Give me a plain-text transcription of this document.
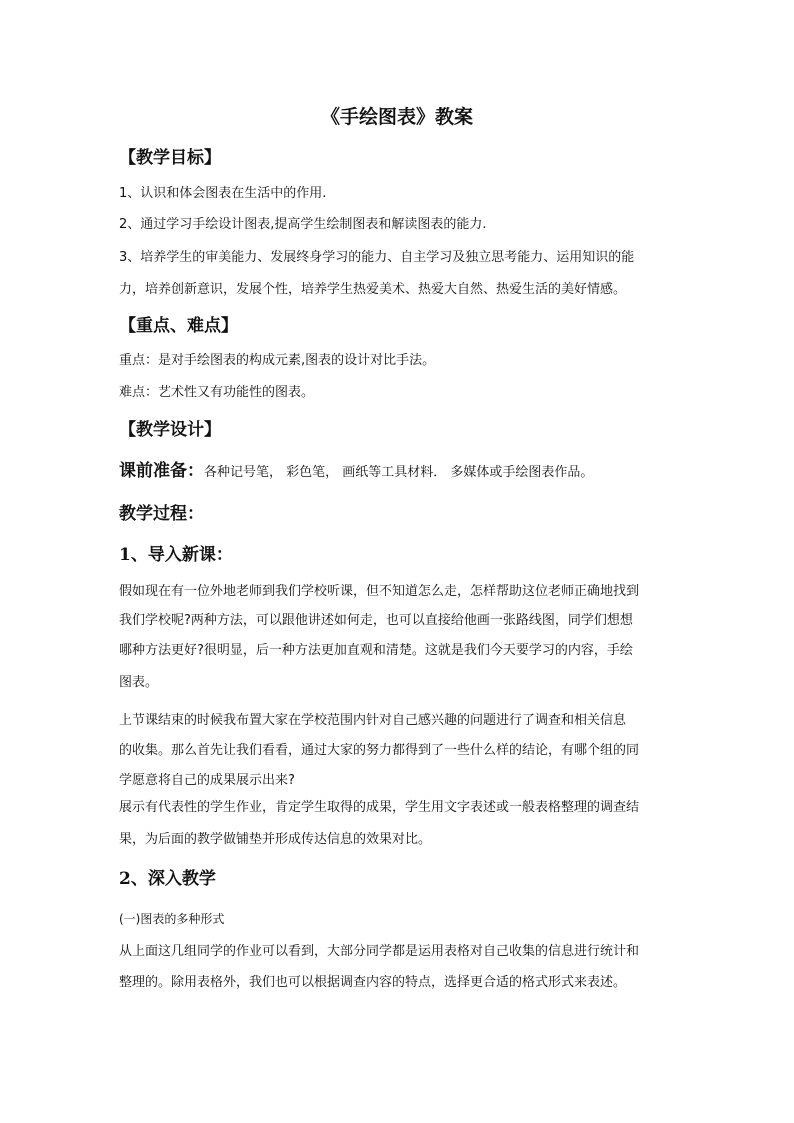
《手绘图表》教案
【教学目标】

1、认识和体会图表在生活中的作用.

2、通过学习手绘设计图表,提高学生绘制图表和解读图表的能力.

3、培养学生的审美能力、发展终身学习的能力、自主学习及独立思考能力、运用知识的能

力，培养创新意识，发展个性，培养学生热爱美术、热爱大自然、热爱生活的美好情感。

【重点、难点】

重点：是对手绘图表的构成元素,图表的设计对比手法。

难点：艺术性又有功能性的图表。

【教学设计】

课前准备：各种记号笔， 彩色笔， 画纸等工具材料． 多媒体或手绘图表作品。

教学过程：
1、导入新课：

假如现在有一位外地老师到我们学校听课，但不知道怎么走，怎样帮助这位老师正确地找到

我们学校呢?两种方法，可以跟他讲述如何走，也可以直接给他画一张路线图，同学们想想

哪种方法更好?很明显，后一种方法更加直观和清楚。这就是我们今天要学习的内容，手绘

图表。

上节课结束的时候我布置大家在学校范围内针对自己感兴趣的问题进行了调查和相关信息

的收集。那么首先让我们看看，通过大家的努力都得到了一些什么样的结论，有哪个组的同

学愿意将自己的成果展示出来?

展示有代表性的学生作业，肯定学生取得的成果，学生用文字表述或一般表格整理的调查结

果，为后面的教学做铺垫并形成传达信息的效果对比。

2、深入教学

(一)图表的多种形式

从上面这几组同学的作业可以看到，大部分同学都是运用表格对自己收集的信息进行统计和

整理的。除用表格外，我们也可以根据调查内容的特点，选择更合适的格式形式来表述。
